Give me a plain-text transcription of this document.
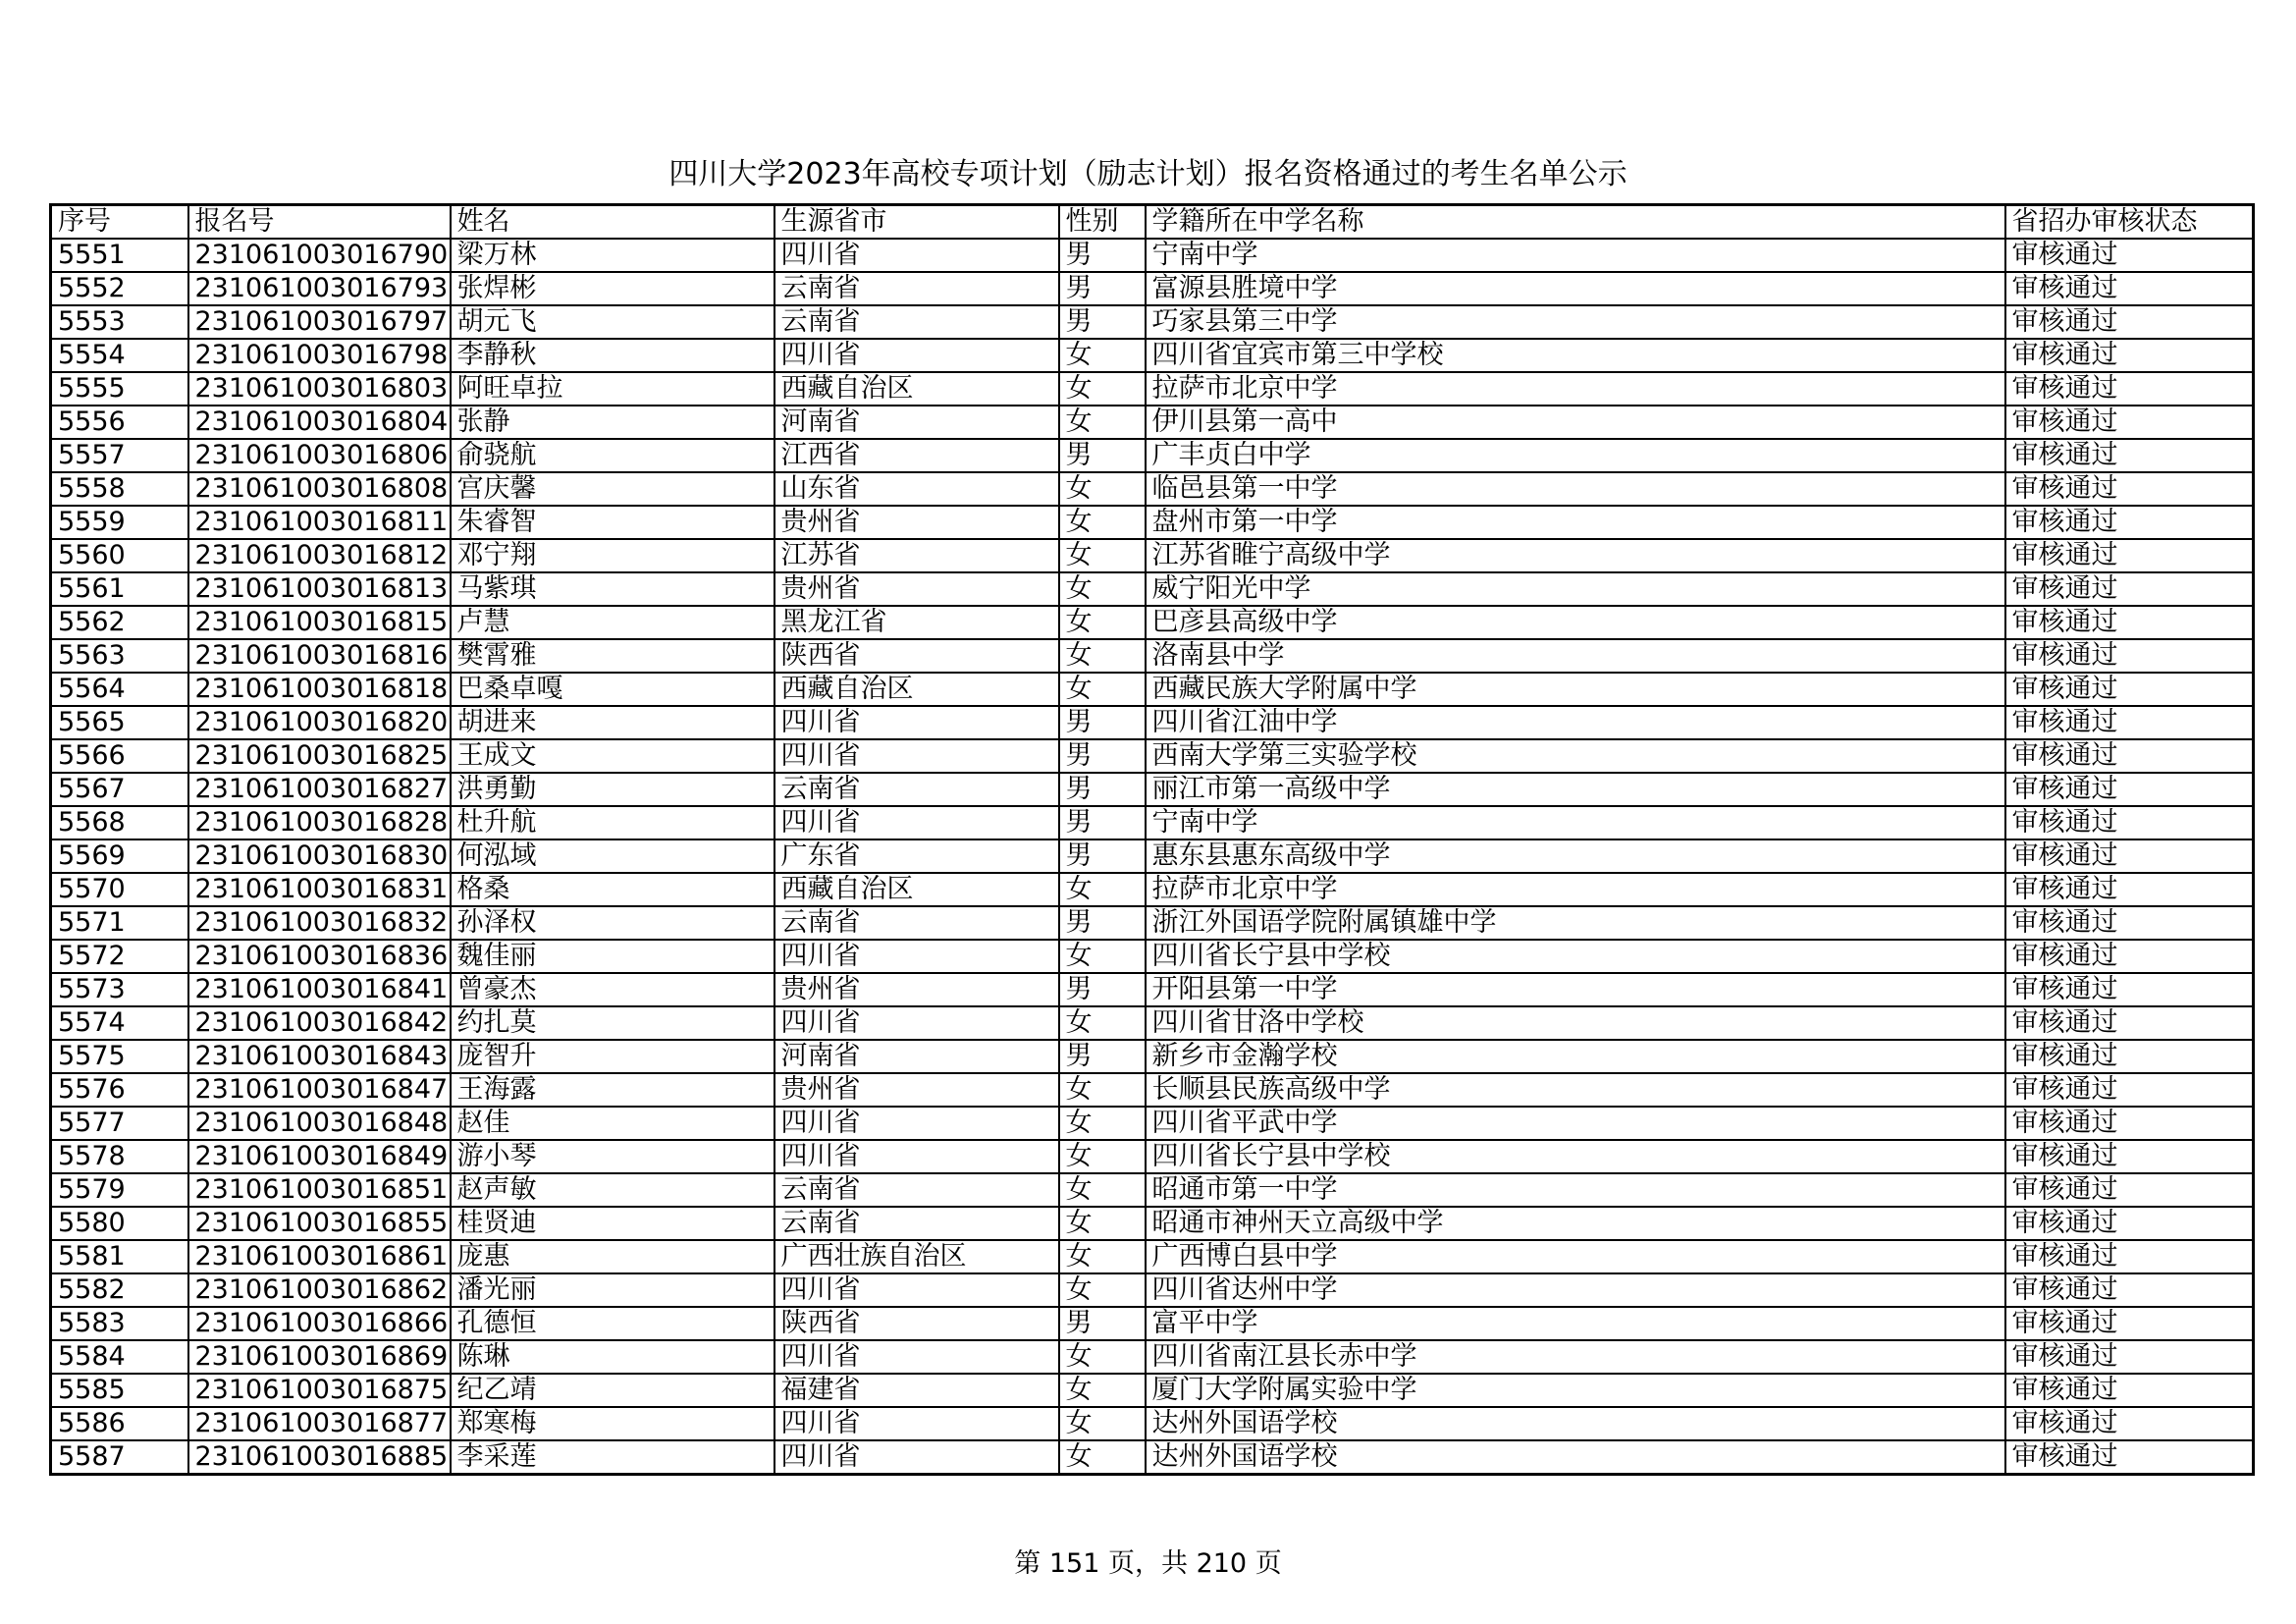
四川大学2023年高校专项计划（励志计划）报名资格通过的考生名单公示
序号	报名号	姓名	生源省市	性别	学籍所在中学名称	省招办审核状态
5551	231061003016790	梁万林	四川省	男	宁南中学	审核通过
5552	231061003016793	张焊彬	云南省	男	富源县胜境中学	审核通过
5553	231061003016797	胡元飞	云南省	男	巧家县第三中学	审核通过
5554	231061003016798	李静秋	四川省	女	四川省宜宾市第三中学校	审核通过
5555	231061003016803	阿旺卓拉	西藏自治区	女	拉萨市北京中学	审核通过
5556	231061003016804	张静	河南省	女	伊川县第一高中	审核通过
5557	231061003016806	俞骁航	江西省	男	广丰贞白中学	审核通过
5558	231061003016808	宫庆馨	山东省	女	临邑县第一中学	审核通过
5559	231061003016811	朱睿智	贵州省	女	盘州市第一中学	审核通过
5560	231061003016812	邓宁翔	江苏省	女	江苏省睢宁高级中学	审核通过
5561	231061003016813	马紫琪	贵州省	女	威宁阳光中学	审核通过
5562	231061003016815	卢慧	黑龙江省	女	巴彦县高级中学	审核通过
5563	231061003016816	樊霄雅	陕西省	女	洛南县中学	审核通过
5564	231061003016818	巴桑卓嘎	西藏自治区	女	西藏民族大学附属中学	审核通过
5565	231061003016820	胡进来	四川省	男	四川省江油中学	审核通过
5566	231061003016825	王成文	四川省	男	西南大学第三实验学校	审核通过
5567	231061003016827	洪勇勤	云南省	男	丽江市第一高级中学	审核通过
5568	231061003016828	杜升航	四川省	男	宁南中学	审核通过
5569	231061003016830	何泓域	广东省	男	惠东县惠东高级中学	审核通过
5570	231061003016831	格桑	西藏自治区	女	拉萨市北京中学	审核通过
5571	231061003016832	孙泽权	云南省	男	浙江外国语学院附属镇雄中学	审核通过
5572	231061003016836	魏佳丽	四川省	女	四川省长宁县中学校	审核通过
5573	231061003016841	曾豪杰	贵州省	男	开阳县第一中学	审核通过
5574	231061003016842	约扎莫	四川省	女	四川省甘洛中学校	审核通过
5575	231061003016843	庞智升	河南省	男	新乡市金瀚学校	审核通过
5576	231061003016847	王海露	贵州省	女	长顺县民族高级中学	审核通过
5577	231061003016848	赵佳	四川省	女	四川省平武中学	审核通过
5578	231061003016849	游小琴	四川省	女	四川省长宁县中学校	审核通过
5579	231061003016851	赵声敏	云南省	女	昭通市第一中学	审核通过
5580	231061003016855	桂贤迪	云南省	女	昭通市神州天立高级中学	审核通过
5581	231061003016861	庞惠	广西壮族自治区	女	广西博白县中学	审核通过
5582	231061003016862	潘光丽	四川省	女	四川省达州中学	审核通过
5583	231061003016866	孔德恒	陕西省	男	富平中学	审核通过
5584	231061003016869	陈琳	四川省	女	四川省南江县长赤中学	审核通过
5585	231061003016875	纪乙靖	福建省	女	厦门大学附属实验中学	审核通过
5586	231061003016877	郑寒梅	四川省	女	达州外国语学校	审核通过
5587	231061003016885	李采莲	四川省	女	达州外国语学校	审核通过
第 151 页，共 210 页
